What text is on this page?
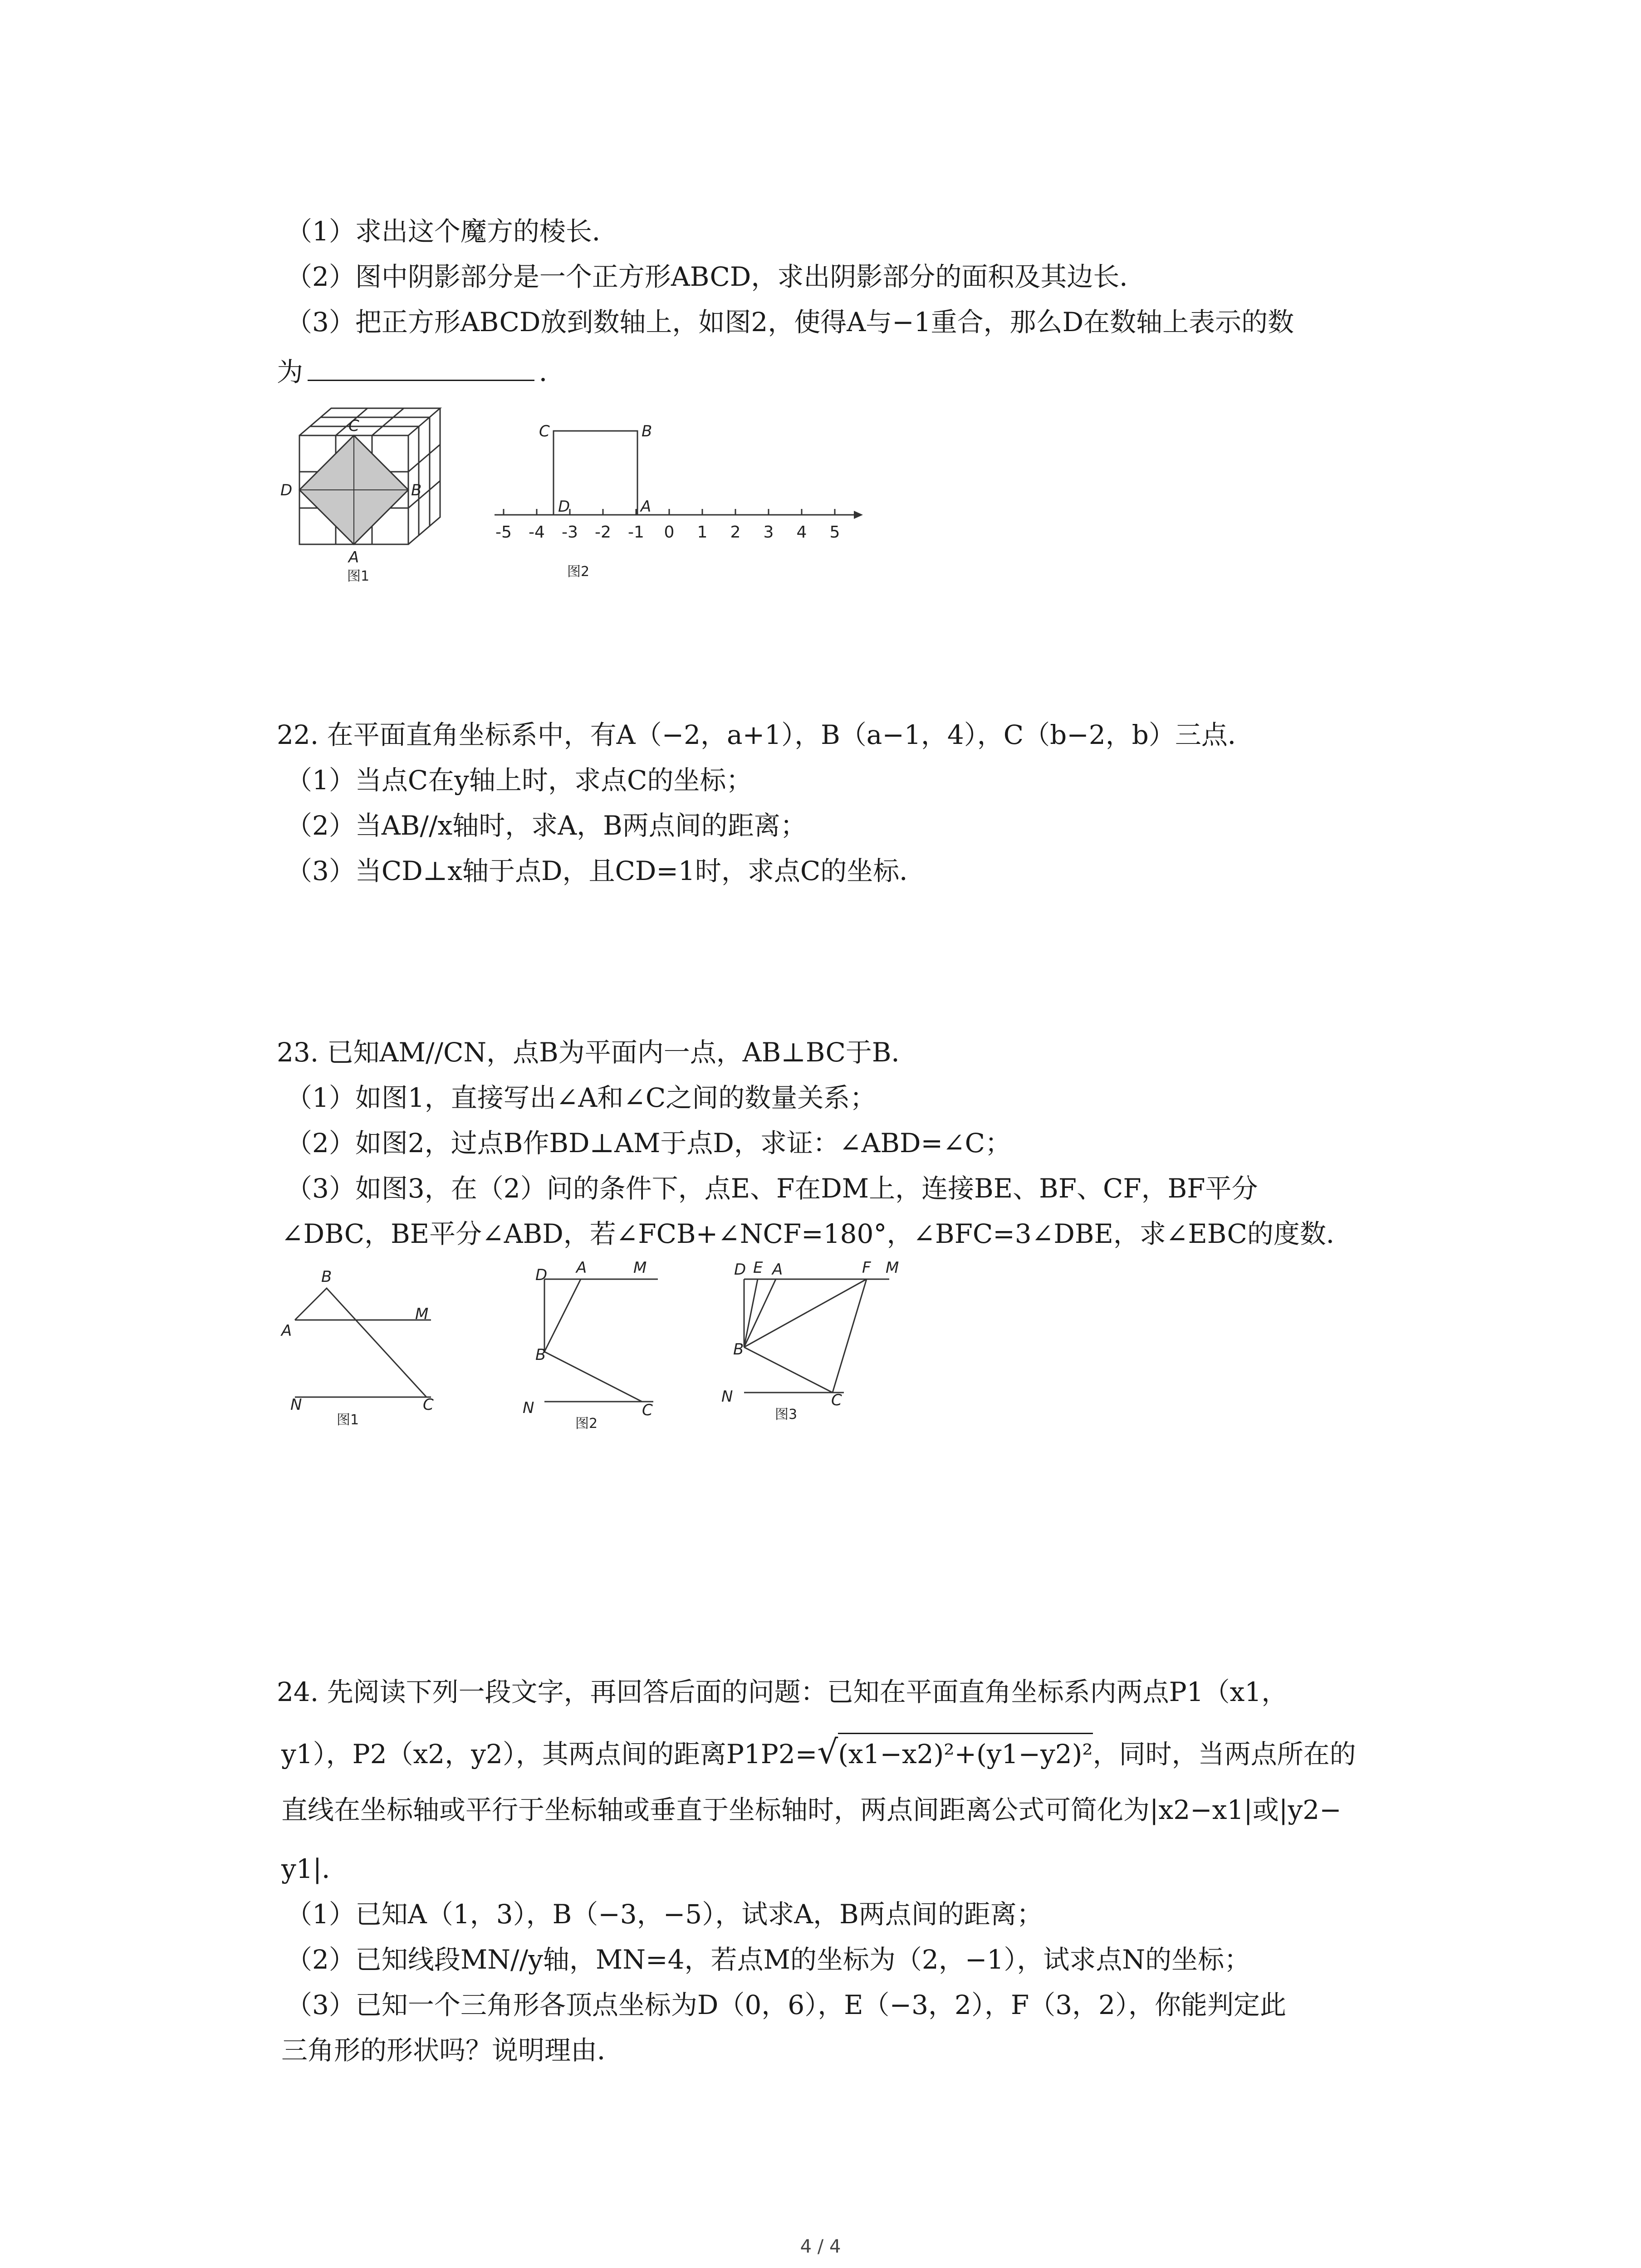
（1）求出这个魔方的棱长．
（2）图中阴影部分是一个正方形ABCD，求出阴影部分的面积及其边长．
（3）把正方形ABCD放到数轴上，如图2，使得A与−1重合，那么D在数轴上表示的数
为	．
C
D	B
A
图1
C	B
D	A
-5 -4 -3 -2 -1 0 1 2 3 4 5
图2
22. 在平面直角坐标系中，有A（−2，a+1），B（a−1，4），C（b−2，b）三点．
（1）当点C在y轴上时，求点C的坐标；
（2）当AB//x轴时，求A，B两点间的距离；
（3）当CD⊥x轴于点D，且CD=1时，求点C的坐标．
23. 已知AM//CN，点B为平面内一点，AB⊥BC于B．
（1）如图1，直接写出∠A和∠C之间的数量关系；
（2）如图2，过点B作BD⊥AM于点D，求证：∠ABD=∠C；
（3）如图3，在（2）问的条件下，点E、F在DM上，连接BE、BF、CF，BF平分
∠DBC，BE平分∠ABD，若∠FCB+∠NCF=180°，∠BFC=3∠DBE，求∠EBC的度数．
B
M
A
N	C
图1
D A	M
B
N	C
图2
D E A	F M
B
N	C
图3
24. 先阅读下列一段文字，再回答后面的问题：已知在平面直角坐标系内两点P1（x1，
y1），P2（x2，y2），其两点间的距离P1P2=√(x1−x2)²+(y1−y2)²，同时，当两点所在的
直线在坐标轴或平行于坐标轴或垂直于坐标轴时，两点间距离公式可简化为|x2−x1|或|y2−
y1|．
（1）已知A（1，3），B（−3，−5），试求A，B两点间的距离；
（2）已知线段MN//y轴，MN=4，若点M的坐标为（2，−1），试求点N的坐标；
（3）已知一个三角形各顶点坐标为D（0，6），E（−3，2），F（3，2），你能判定此
三角形的形状吗？说明理由．
4 / 4
